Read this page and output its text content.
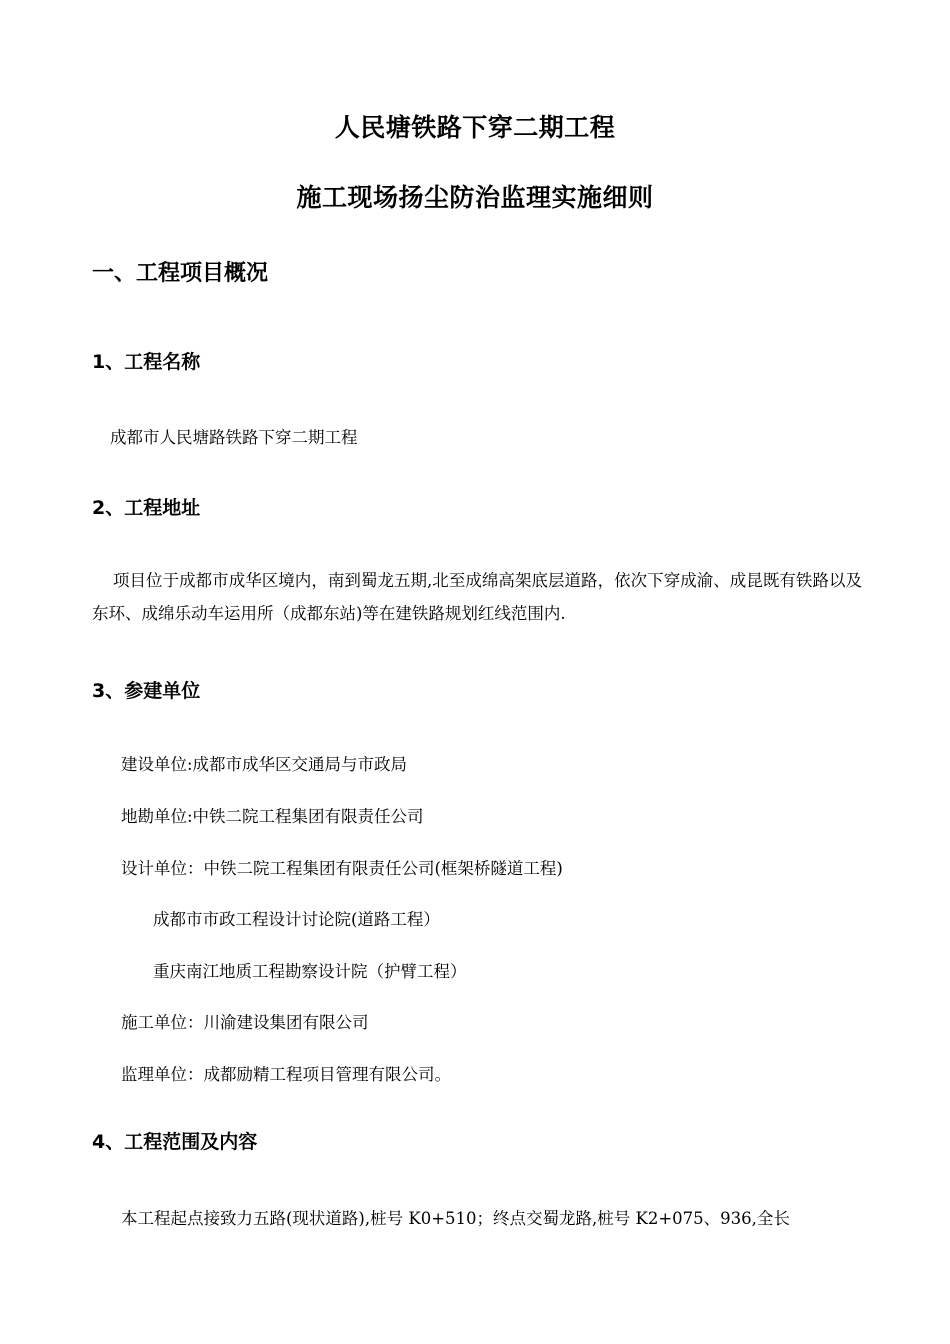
人民塘铁路下穿二期工程
施工现场扬尘防治监理实施细则
一、工程项目概况
1、工程名称
成都市人民塘路铁路下穿二期工程
2、工程地址
项目位于成都市成华区境内，南到蜀龙五期,北至成绵高架底层道路，依次下穿成渝、成昆既有铁路以及东环、成绵乐动车运用所（成都东站)等在建铁路规划红线范围内.
3、参建单位
建设单位:成都市成华区交通局与市政局
地勘单位:中铁二院工程集团有限责任公司
设计单位：中铁二院工程集团有限责任公司(框架桥隧道工程)
成都市市政工程设计讨论院(道路工程）
重庆南江地质工程勘察设计院（护臂工程）
施工单位：川渝建设集团有限公司
监理单位：成都励精工程项目管理有限公司。
4、工程范围及内容
本工程起点接致力五路(现状道路),桩号 K0+510；终点交蜀龙路,桩号 K2+075、936,全长
